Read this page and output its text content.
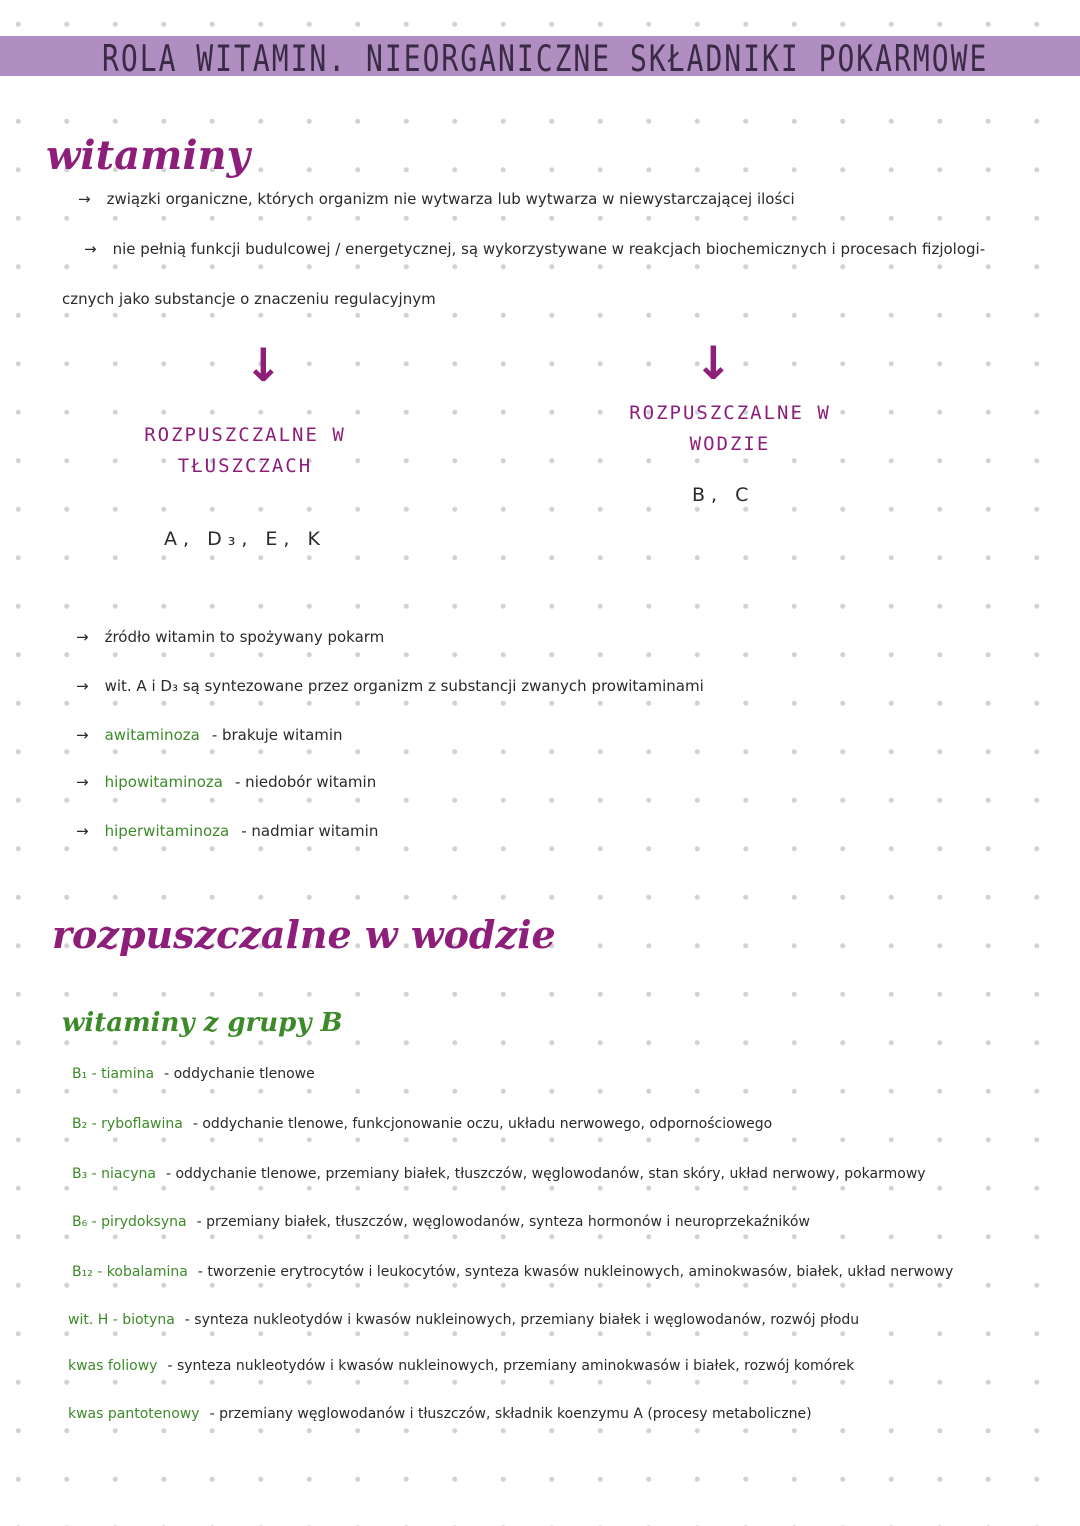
ROLA WITAMIN. NIEORGANICZNE SKŁADNIKI POKARMOWE
witaminy
→ związki organiczne, których organizm nie wytwarza lub wytwarza w niewystarczającej ilości
→ nie pełnią funkcji budulcowej / energetycznej, są wykorzystywane w reakcjach biochemicznych i procesach fizjologi-
cznych jako substancje o znaczeniu regulacyjnym
↓	↓
ROZPUSZCZALNE W
TŁUSZCZACH
ROZPUSZCZALNE W
WODZIE
A, D₃, E, K
B, C
→ źródło witamin to spożywany pokarm
→ wit. A i D₃ są syntezowane przez organizm z substancji zwanych prowitaminami
→ awitaminoza - brakuje witamin
→ hipowitaminoza - niedobór witamin
→ hiperwitaminoza - nadmiar witamin
rozpuszczalne w wodzie
witaminy z grupy B
B₁ - tiamina - oddychanie tlenowe
B₂ - ryboflawina - oddychanie tlenowe, funkcjonowanie oczu, układu nerwowego, odpornościowego
B₃ - niacyna - oddychanie tlenowe, przemiany białek, tłuszczów, węglowodanów, stan skóry, układ nerwowy, pokarmowy
B₆ - pirydoksyna - przemiany białek, tłuszczów, węglowodanów, synteza hormonów i neuroprzekaźników
B₁₂ - kobalamina - tworzenie erytrocytów i leukocytów, synteza kwasów nukleinowych, aminokwasów, białek, układ nerwowy
wit. H - biotyna - synteza nukleotydów i kwasów nukleinowych, przemiany białek i węglowodanów, rozwój płodu
kwas foliowy - synteza nukleotydów i kwasów nukleinowych, przemiany aminokwasów i białek, rozwój komórek
kwas pantotenowy - przemiany węglowodanów i tłuszczów, składnik koenzymu A (procesy metaboliczne)
